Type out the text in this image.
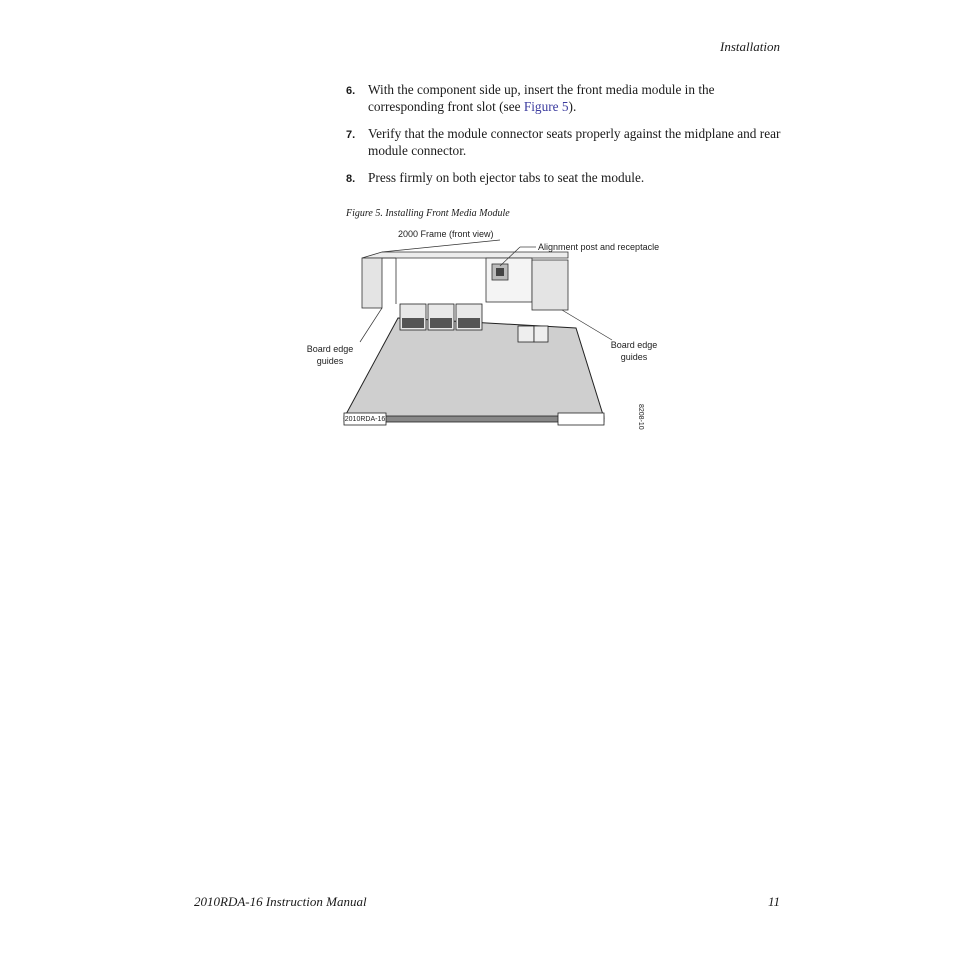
Installation
6. With the component side up, insert the front media module in the corresponding front slot (see Figure 5).
7. Verify that the module connector seats properly against the midplane and rear module connector.
8. Press firmly on both ejector tabs to seat the module.
Figure 5. Installing Front Media Module
2000 Frame (front view)
Alignment post and receptacle
Board edge guides
Board edge guides
2010RDA-16	8208-10
2010RDA-16 Instruction Manual	11
